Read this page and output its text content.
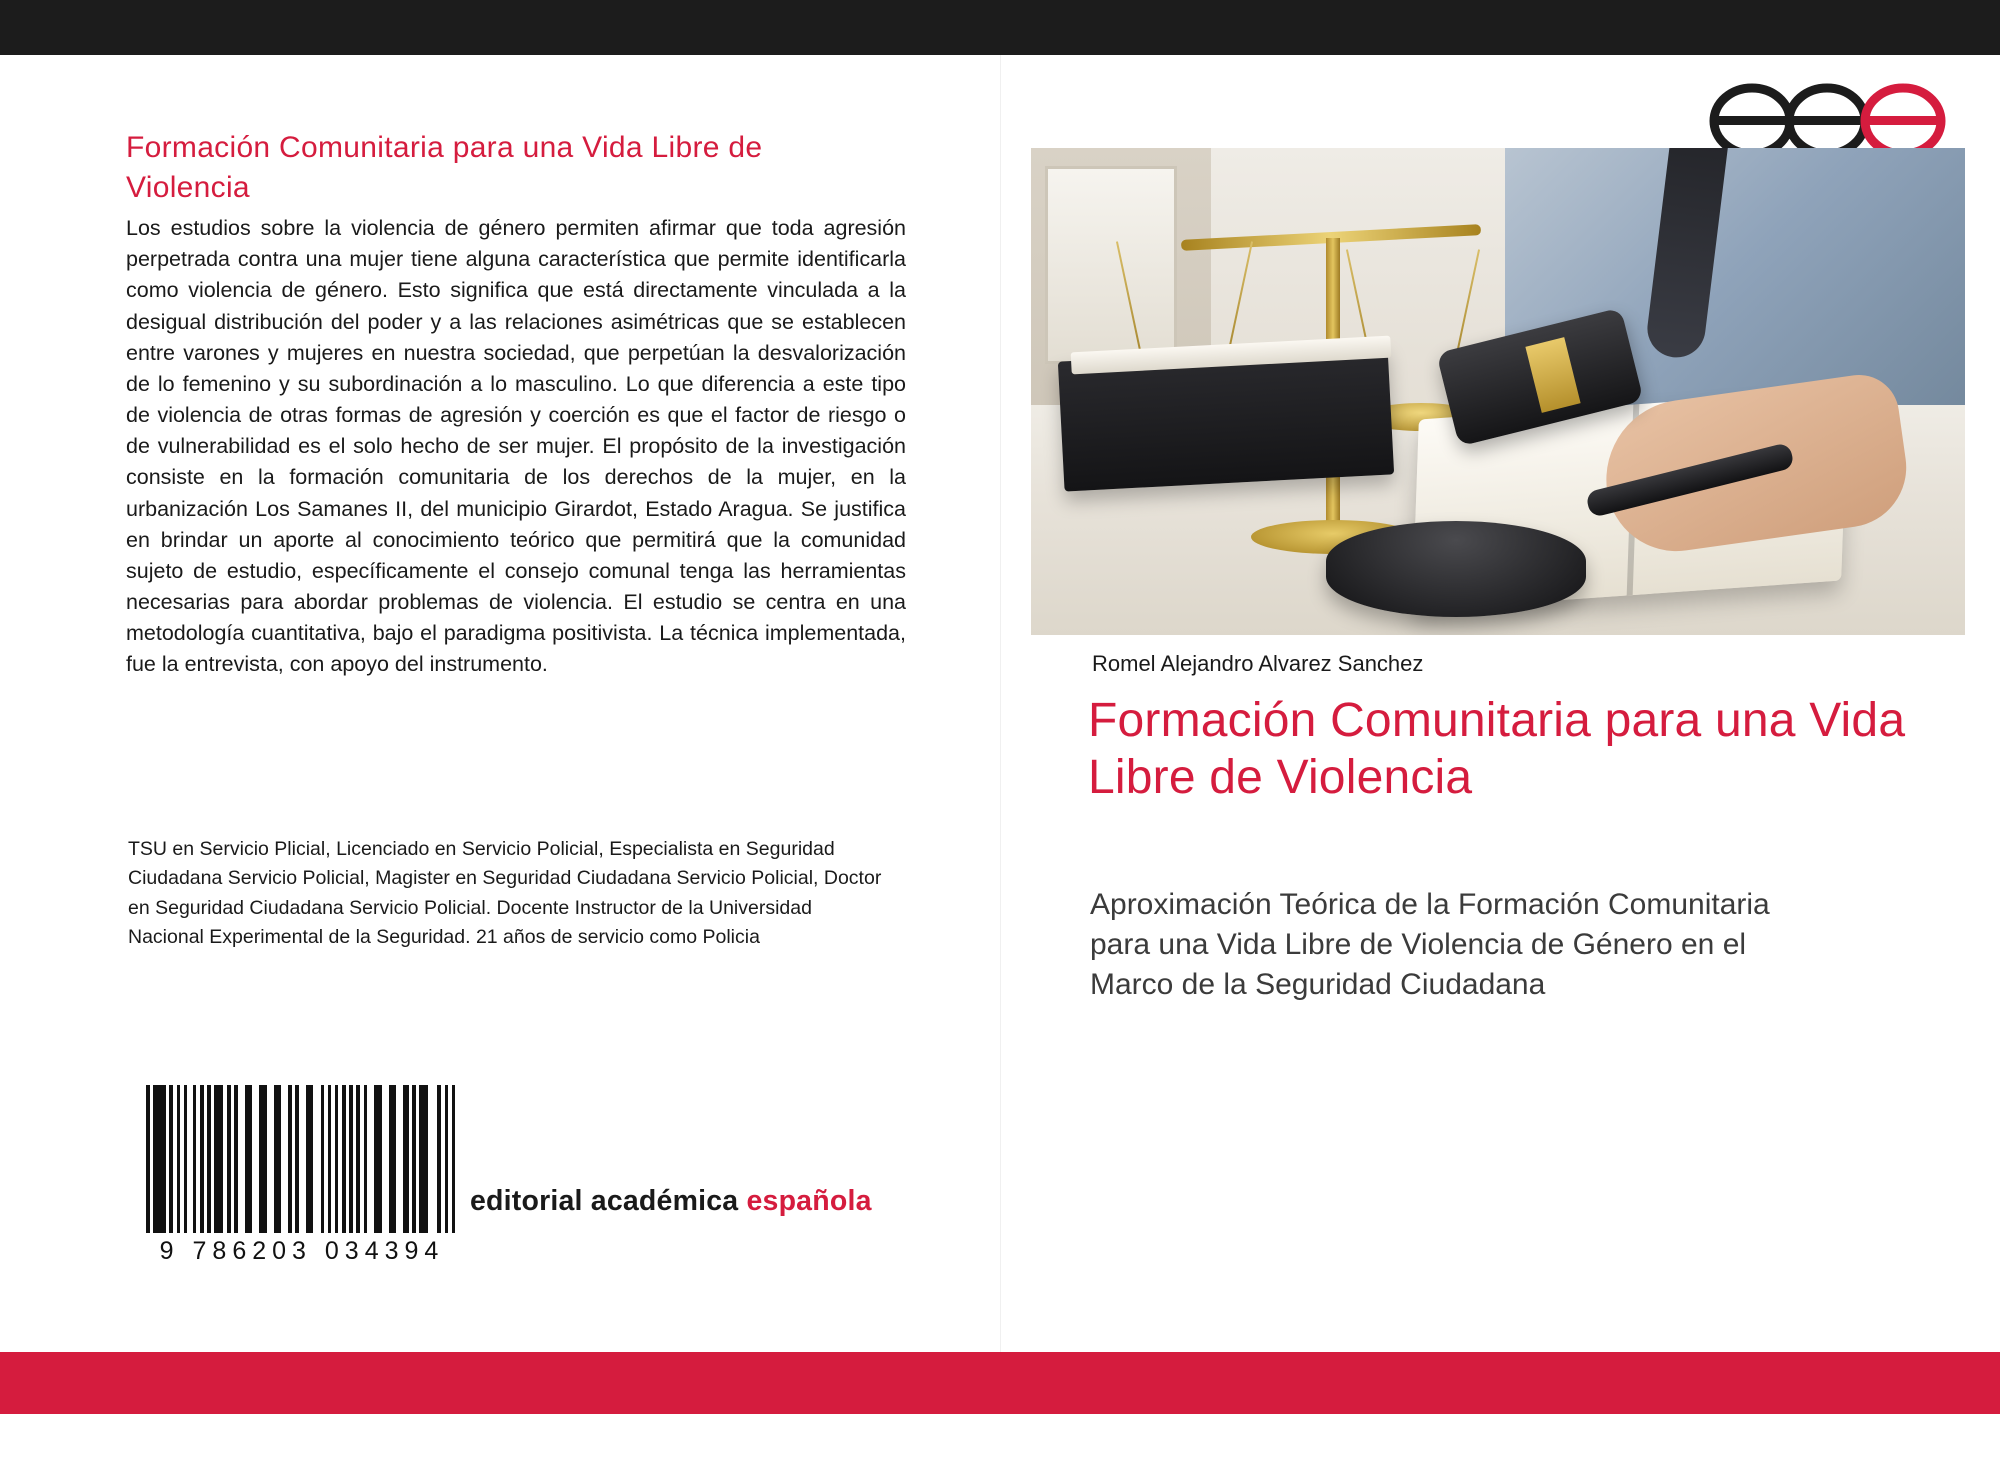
Formación Comunitaria para una Vida Libre de Violencia
Los estudios sobre la violencia de género permiten afirmar que toda agresión perpetrada contra una mujer tiene alguna característica que permite identificarla como violencia de género. Esto significa que está directamente vinculada a la desigual distribución del poder y a las relaciones asimétricas que se establecen entre varones y mujeres en nuestra sociedad, que perpetúan la desvalorización de lo femenino y su subordinación a lo masculino. Lo que diferencia a este tipo de violencia de otras formas de agresión y coerción es que el factor de riesgo o de vulnerabilidad es el solo hecho de ser mujer. El propósito de la investigación consiste en la formación comunitaria de los derechos de la mujer, en la urbanización Los Samanes II, del municipio Girardot, Estado Aragua. Se justifica en brindar un aporte al conocimiento teórico que permitirá que la comunidad sujeto de estudio, específicamente el consejo comunal tenga las herramientas necesarias para abordar problemas de violencia. El estudio se centra en una metodología cuantitativa, bajo el paradigma positivista. La técnica implementada, fue la entrevista, con apoyo del instrumento.
TSU en Servicio Plicial, Licenciado en Servicio Policial, Especialista en Seguridad Ciudadana Servicio Policial, Magister en Seguridad Ciudadana Servicio Policial, Doctor en Seguridad Ciudadana Servicio Policial. Docente Instructor de la Universidad Nacional Experimental de la Seguridad. 21 años de servicio como Policia
9 786203 034394
editorial académica española
Romel Alejandro Alvarez Sanchez
Formación Comunitaria para una Vida Libre de Violencia
Aproximación Teórica de la Formación Comunitaria para una Vida Libre de Violencia de Género en el Marco de la Seguridad Ciudadana
